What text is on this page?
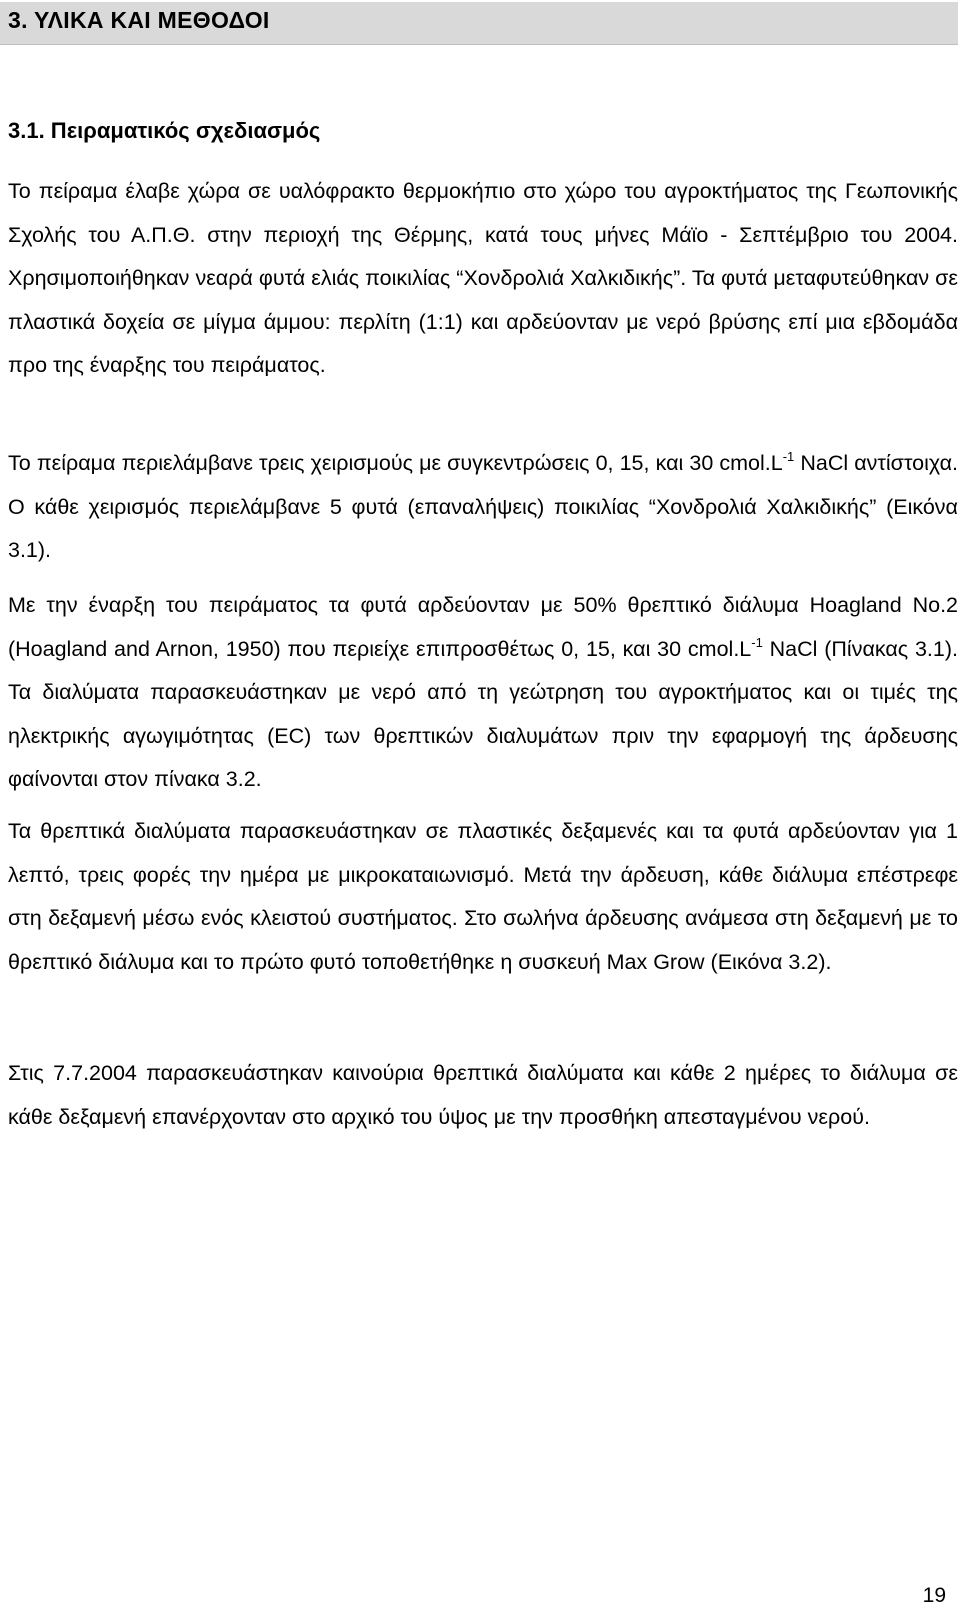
3. ΥΛΙΚΑ ΚΑΙ ΜΕΘΟΔΟΙ
3.1. Πειραματικός σχεδιασμός

Το πείραμα έλαβε χώρα σε υαλόφρακτο θερμοκήπιο στο χώρο του αγροκτήματος της Γεωπονικής Σχολής του Α.Π.Θ. στην περιοχή της Θέρμης, κατά τους μήνες Μάϊο - Σεπτέμβριο του 2004. Χρησιμοποιήθηκαν νεαρά φυτά ελιάς ποικιλίας “Χονδρολιά Χαλκιδικής”. Τα φυτά μεταφυτεύθηκαν σε πλαστικά δοχεία σε μίγμα άμμου: περλίτη (1:1) και αρδεύονταν με νερό βρύσης επί μια εβδομάδα προ της έναρξης του πειράματος.

Το πείραμα περιελάμβανε τρεις χειρισμούς με συγκεντρώσεις 0, 15, και 30 $cmol.L^{-1}$ NaCl αντίστοιχα. Ο κάθε χειρισμός περιελάμβανε 5 φυτά (επαναλήψεις) ποικιλίας “Χονδρολιά Χαλκιδικής” (Εικόνα 3.1).

Με την έναρξη του πειράματος τα φυτά αρδεύονταν με 50% θρεπτικό διάλυμα Hoagland No.2 (Hoagland and Arnon, 1950) που περιείχε επιπροσθέτως 0, 15, και 30 $cmol.L^{-1}$ NaCl (Πίνακας 3.1). Τα διαλύματα παρασκευάστηκαν με νερό από τη γεώτρηση του αγροκτήματος και οι τιμές της ηλεκτρικής αγωγιμότητας (EC) των θρεπτικών διαλυμάτων πριν την εφαρμογή της άρδευσης φαίνονται στον πίνακα 3.2.

Τα θρεπτικά διαλύματα παρασκευάστηκαν σε πλαστικές δεξαμενές και τα φυτά αρδεύονταν για 1 λεπτό, τρεις φορές την ημέρα με μικροκαταιωνισμό. Μετά την άρδευση, κάθε διάλυμα επέστρεφε στη δεξαμενή μέσω ενός κλειστού συστήματος. Στο σωλήνα άρδευσης ανάμεσα στη δεξαμενή με το θρεπτικό διάλυμα και το πρώτο φυτό τοποθετήθηκε η συσκευή Max Grow (Εικόνα 3.2).

Στις 7.7.2004 παρασκευάστηκαν καινούρια θρεπτικά διαλύματα και κάθε 2 ημέρες το διάλυμα σε κάθε δεξαμενή επανέρχονταν στο αρχικό του ύψος με την προσθήκη απεσταγμένου νερού.

19
